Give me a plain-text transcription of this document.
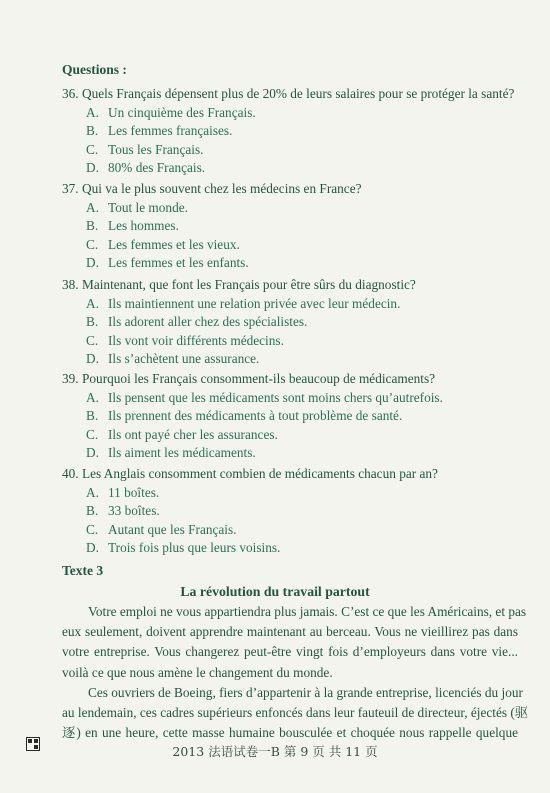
Questions :
36. Quels Français dépensent plus de 20% de leurs salaires pour se protéger la santé?
A. Un cinquième des Français.
B. Les femmes françaises.
C. Tous les Français.
D. 80% des Français.
37. Qui va le plus souvent chez les médecins en France?
A. Tout le monde.
B. Les hommes.
C. Les femmes et les vieux.
D. Les femmes et les enfants.
38. Maintenant, que font les Français pour être sûrs du diagnostic?
A. Ils maintiennent une relation privée avec leur médecin.
B. Ils adorent aller chez des spécialistes.
C. Ils vont voir différents médecins.
D. Ils s’achètent une assurance.
39. Pourquoi les Français consomment-ils beaucoup de médicaments?
A. Ils pensent que les médicaments sont moins chers qu’autrefois.
B. Ils prennent des médicaments à tout problème de santé.
C. Ils ont payé cher les assurances.
D. Ils aiment les médicaments.
40. Les Anglais consomment combien de médicaments chacun par an?
A. 11 boîtes.
B. 33 boîtes.
C. Autant que les Français.
D. Trois fois plus que leurs voisins.
Texte 3
La révolution du travail partout
Votre emploi ne vous appartiendra plus jamais. C’est ce que les Américains, et pas
eux seulement, doivent apprendre maintenant au berceau. Vous ne vieillirez pas dans
votre entreprise. Vous changerez peut-être vingt fois d’employeurs dans votre vie...
voilà ce que nous amène le changement du monde.
Ces ouvriers de Boeing, fiers d’appartenir à la grande entreprise, licenciés du jour
au lendemain, ces cadres supérieurs enfoncés dans leur fauteuil de directeur, éjectés (驱
逐) en une heure, cette masse humaine bousculée et choquée nous rappelle quelque
2013 法语试卷一B 第 9 页 共 11 页
